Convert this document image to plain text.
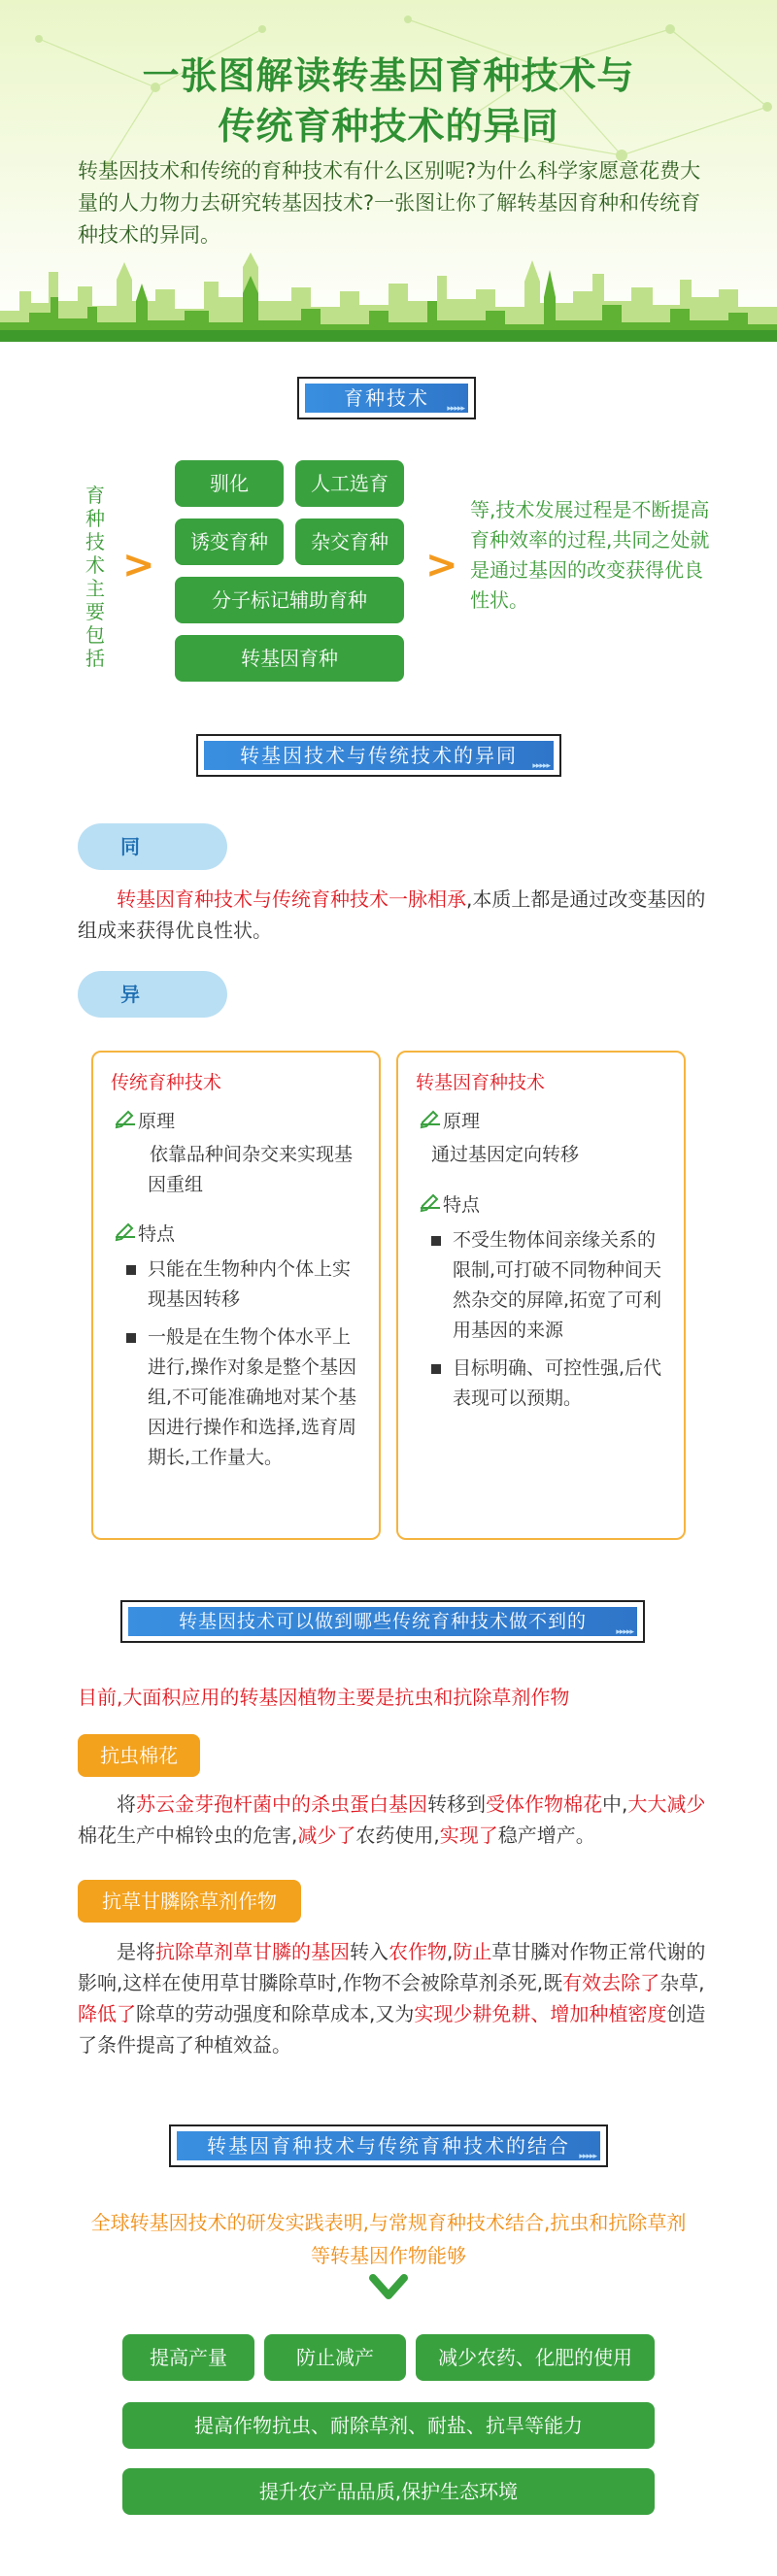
一张图解读转基因育种技术与
传统育种技术的异同
转基因技术和传统的育种技术有什么区别呢?为什么科学家愿意花费大量的人力物力去研究转基因技术?一张图让你了解转基因育种和传统育种技术的异同。
育种技术	▸▸▸▸▸
育种技术主要包括
>
驯化	人工选育
诱变育种	杂交育种
分子标记辅助育种
转基因育种
>
等,技术发展过程是不断提高育种效率的过程,共同之处就是通过基因的改变获得优良性状。
转基因技术与传统技术的异同	▸▸▸▸▸
同
转基因育种技术与传统育种技术一脉相承,本质上都是通过改变基因的组成来获得优良性状。
异
传统育种技术
原理
依靠品种间杂交来实现基因重组
特点
只能在生物种内个体上实现基因转移
一般是在生物个体水平上进行,操作对象是整个基因组,不可能准确地对某个基因进行操作和选择,选育周期长,工作量大。
转基因育种技术
原理
通过基因定向转移
特点
不受生物体间亲缘关系的限制,可打破不同物种间天然杂交的屏障,拓宽了可利用基因的来源
目标明确、可控性强,后代表现可以预期。
转基因技术可以做到哪些传统育种技术做不到的	▸▸▸▸▸
目前,大面积应用的转基因植物主要是抗虫和抗除草剂作物
抗虫棉花
将苏云金芽孢杆菌中的杀虫蛋白基因转移到受体作物棉花中,大大减少棉花生产中棉铃虫的危害,减少了农药使用,实现了稳产增产。
抗草甘膦除草剂作物
是将抗除草剂草甘膦的基因转入农作物,防止草甘膦对作物正常代谢的影响,这样在使用草甘膦除草时,作物不会被除草剂杀死,既有效去除了杂草,降低了除草的劳动强度和除草成本,又为实现少耕免耕、增加种植密度创造了条件提高了种植效益。
转基因育种技术与传统育种技术的结合	▸▸▸▸▸
全球转基因技术的研发实践表明,与常规育种技术结合,抗虫和抗除草剂等转基因作物能够
提高产量	防止减产	减少农药、化肥的使用
提高作物抗虫、耐除草剂、耐盐、抗旱等能力
提升农产品品质,保护生态环境
